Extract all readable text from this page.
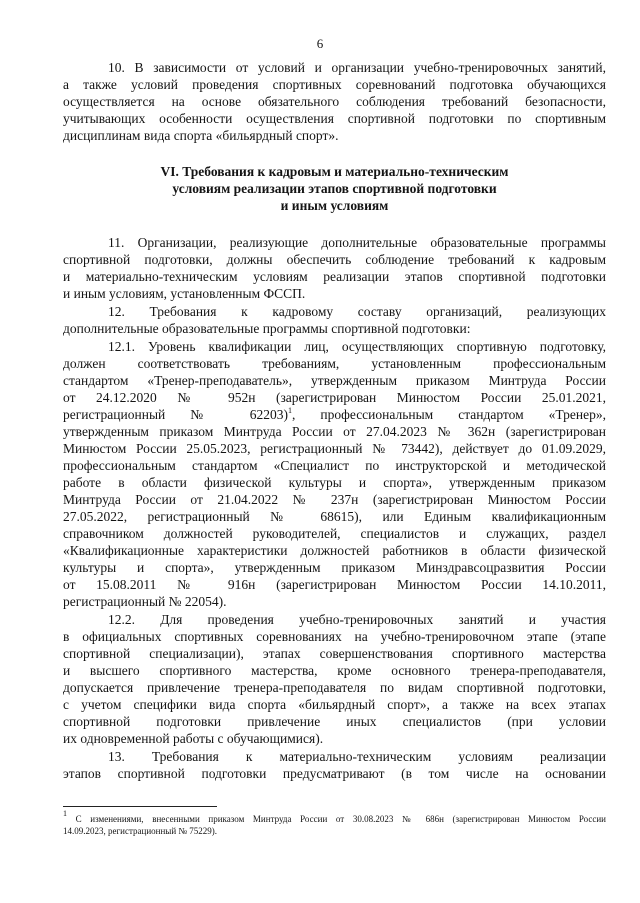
6
10. В зависимости от условий и организации учебно-тренировочных занятий,
а также условий проведения спортивных соревнований подготовка обучающихся
осуществляется на основе обязательного соблюдения требований безопасности,
учитывающих особенности осуществления спортивной подготовки по спортивным
дисциплинам вида спорта «бильярдный спорт».
VI. Требования к кадровым и материально-техническим
условиям реализации этапов спортивной подготовки
и иным условиям
11. Организации, реализующие дополнительные образовательные программы
спортивной подготовки, должны обеспечить соблюдение требований к кадровым
и материально-техническим условиям реализации этапов спортивной подготовки
и иным условиям, установленным ФССП.
12. Требования к кадровому составу организаций, реализующих
дополнительные образовательные программы спортивной подготовки:
12.1. Уровень квалификации лиц, осуществляющих спортивную подготовку,
должен соответствовать требованиям, установленным профессиональным
стандартом «Тренер-преподаватель», утвержденным приказом Минтруда России
от 24.12.2020 № 952н (зарегистрирован Минюстом России 25.01.2021,
регистрационный № 62203)$^1$, профессиональным стандартом «Тренер»,
утвержденным приказом Минтруда России от 27.04.2023 № 362н (зарегистрирован
Минюстом России 25.05.2023, регистрационный № 73442), действует до 01.09.2029,
профессиональным стандартом «Специалист по инструкторской и методической
работе в области физической культуры и спорта», утвержденным приказом
Минтруда России от 21.04.2022 № 237н (зарегистрирован Минюстом России
27.05.2022, регистрационный № 68615), или Единым квалификационным
справочником должностей руководителей, специалистов и служащих, раздел
«Квалификационные характеристики должностей работников в области физической
культуры и спорта», утвержденным приказом Минздравсоцразвития России
от 15.08.2011 № 916н (зарегистрирован Минюстом России 14.10.2011,
регистрационный № 22054).
12.2. Для проведения учебно-тренировочных занятий и участия
в официальных спортивных соревнованиях на учебно-тренировочном этапе (этапе
спортивной специализации), этапах совершенствования спортивного мастерства
и высшего спортивного мастерства, кроме основного тренера-преподавателя,
допускается привлечение тренера-преподавателя по видам спортивной подготовки,
с учетом специфики вида спорта «бильярдный спорт», а также на всех этапах
спортивной подготовки привлечение иных специалистов (при условии
их одновременной работы с обучающимися).
13. Требования к материально-техническим условиям реализации
этапов спортивной подготовки предусматривают (в том числе на основании
$^1$ С изменениями, внесенными приказом Минтруда России от 30.08.2023 № 686н (зарегистрирован Минюстом России
14.09.2023, регистрационный № 75229).
